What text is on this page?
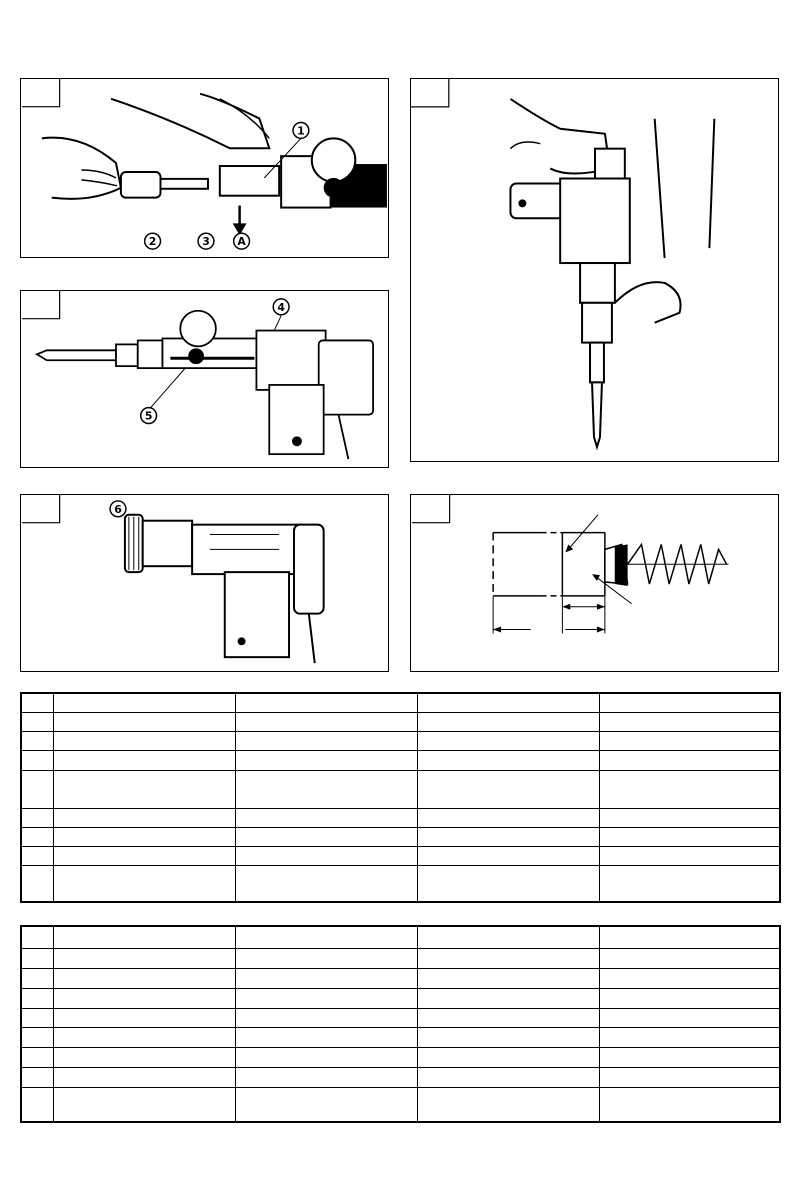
1
2	3	A
4
5
6
